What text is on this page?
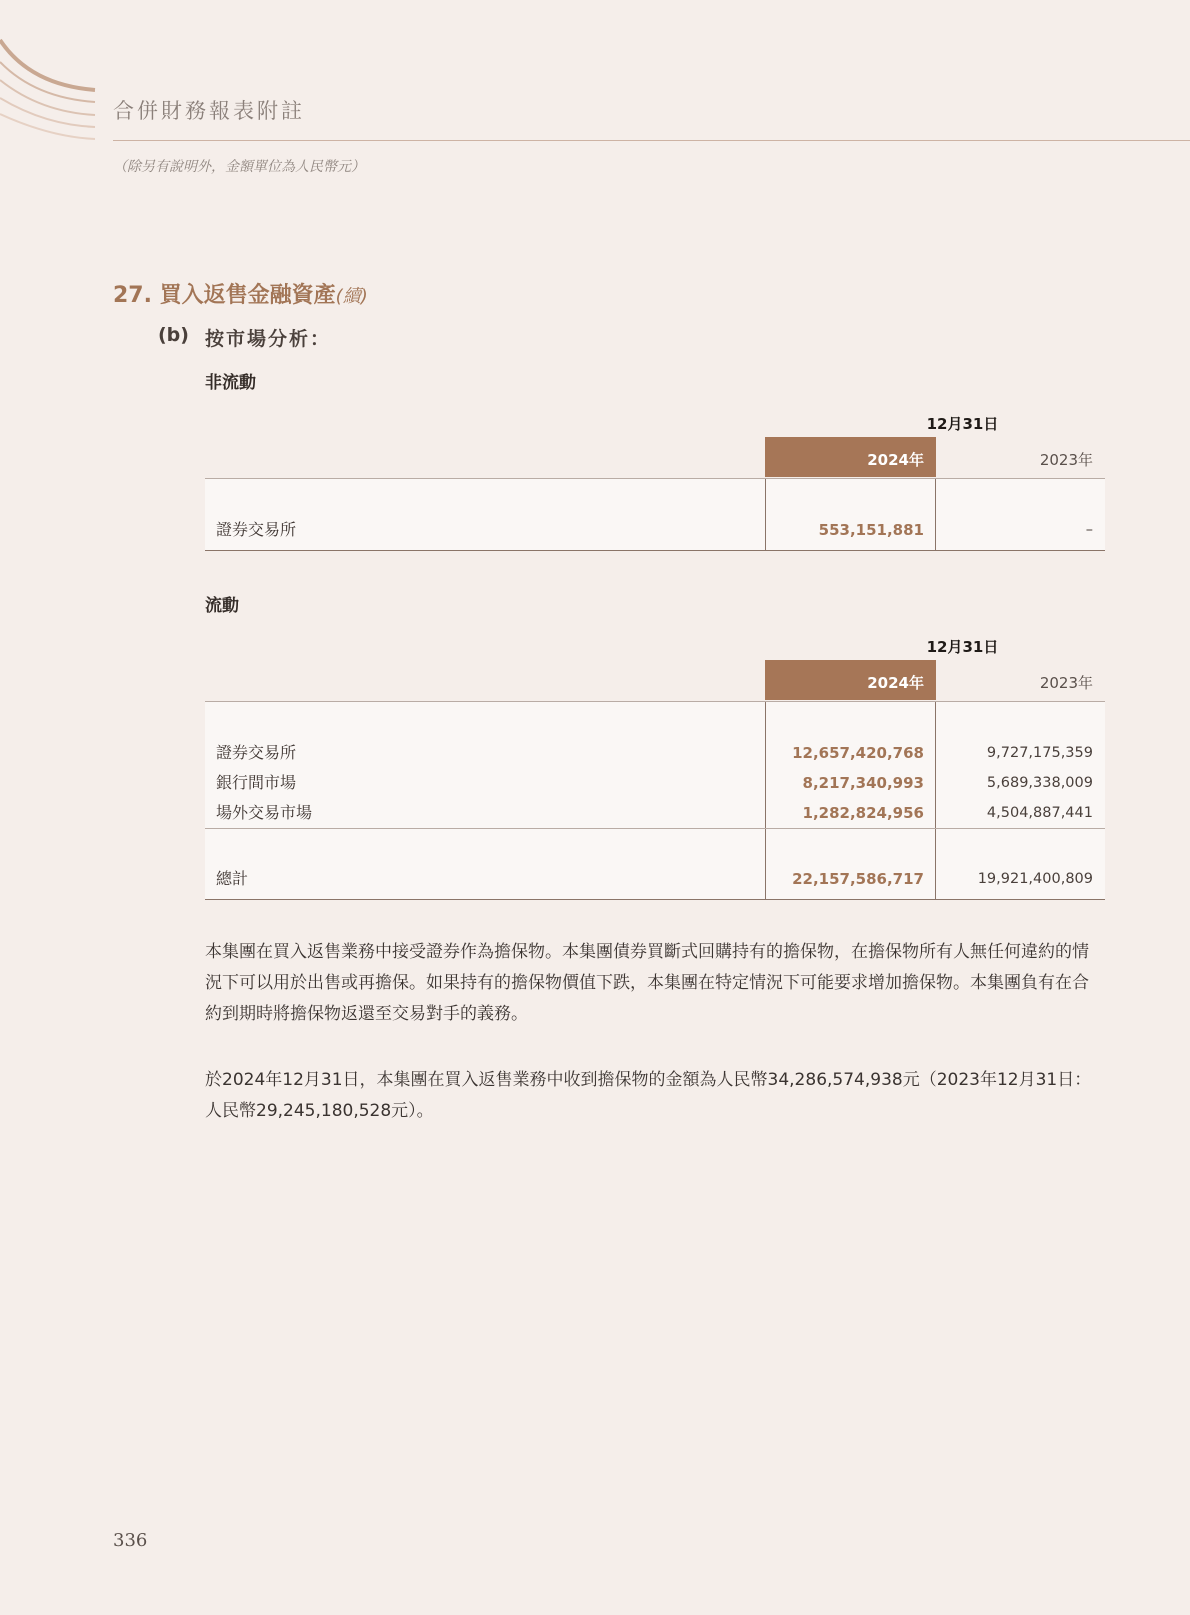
合併財務報表附註
（除另有說明外，金額單位為人民幣元）
27. 買入返售金融資產(續)
(b) 按市場分析：
非流動
12月31日
2024年	2023年
證券交易所	553,151,881	–
流動
12月31日
2024年	2023年
證券交易所	12,657,420,768	9,727,175,359
銀行間市場	8,217,340,993	5,689,338,009
場外交易市場	1,282,824,956	4,504,887,441
總計	22,157,586,717	19,921,400,809
本集團在買入返售業務中接受證券作為擔保物。本集團債券買斷式回購持有的擔保物，在擔保物所有人無任何違約的情況下可以用於出售或再擔保。如果持有的擔保物價值下跌，本集團在特定情況下可能要求增加擔保物。本集團負有在合約到期時將擔保物返還至交易對手的義務。
於2024年12月31日，本集團在買入返售業務中收到擔保物的金額為人民幣34,286,574,938元（2023年12月31日：人民幣29,245,180,528元）。
336
